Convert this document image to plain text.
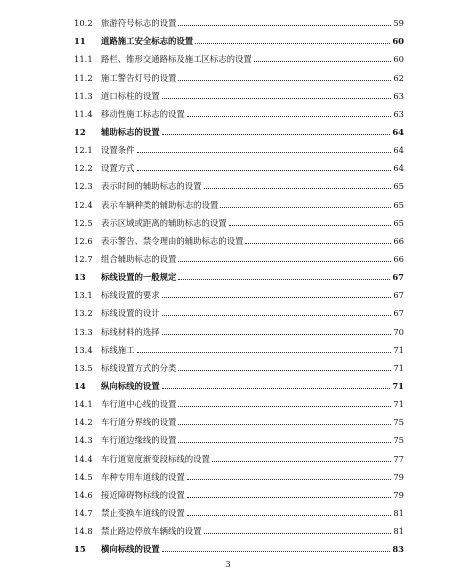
10.2 旅游符号标志的设置	59
11	道路施工安全标志的设置	60
11.1 路栏、锥形交通路标及施工区标志的设置	60
11.2 施工警告灯号的设置	62
11.3 道口标柱的设置	63
11.4 移动性施工标志的设置	63
12	辅助标志的设置	64
12.1 设置条件	64
12.2 设置方式	64
12.3 表示时间的辅助标志的设置	65
12.4 表示车辆种类的辅助标志的设置	65
12.5 表示区域或距离的辅助标志的设置	65
12.6 表示警告、禁令理由的辅助标志的设置	66
12.7 组合辅助标志的设置	66
13	标线设置的一般规定	67
13.1 标线设置的要求	67
13.2 标线设置的设计	67
13.3 标线材料的选择	70
13.4 标线施工	71
13.5 标线设置方式的分类	71
14	纵向标线的设置	71
14.1 车行道中心线的设置	71
14.2 车行道分界线的设置	75
14.3 车行道边缘线的设置	75
14.4 车行道宽度渐变段标线的设置	77
14.5 车种专用车道线的设置	79
14.6 接近障碍物标线的设置	79
14.7 禁止变换车道线的设置	81
14.8 禁止路边停放车辆线的设置	81
15	横向标线的设置	83
3
